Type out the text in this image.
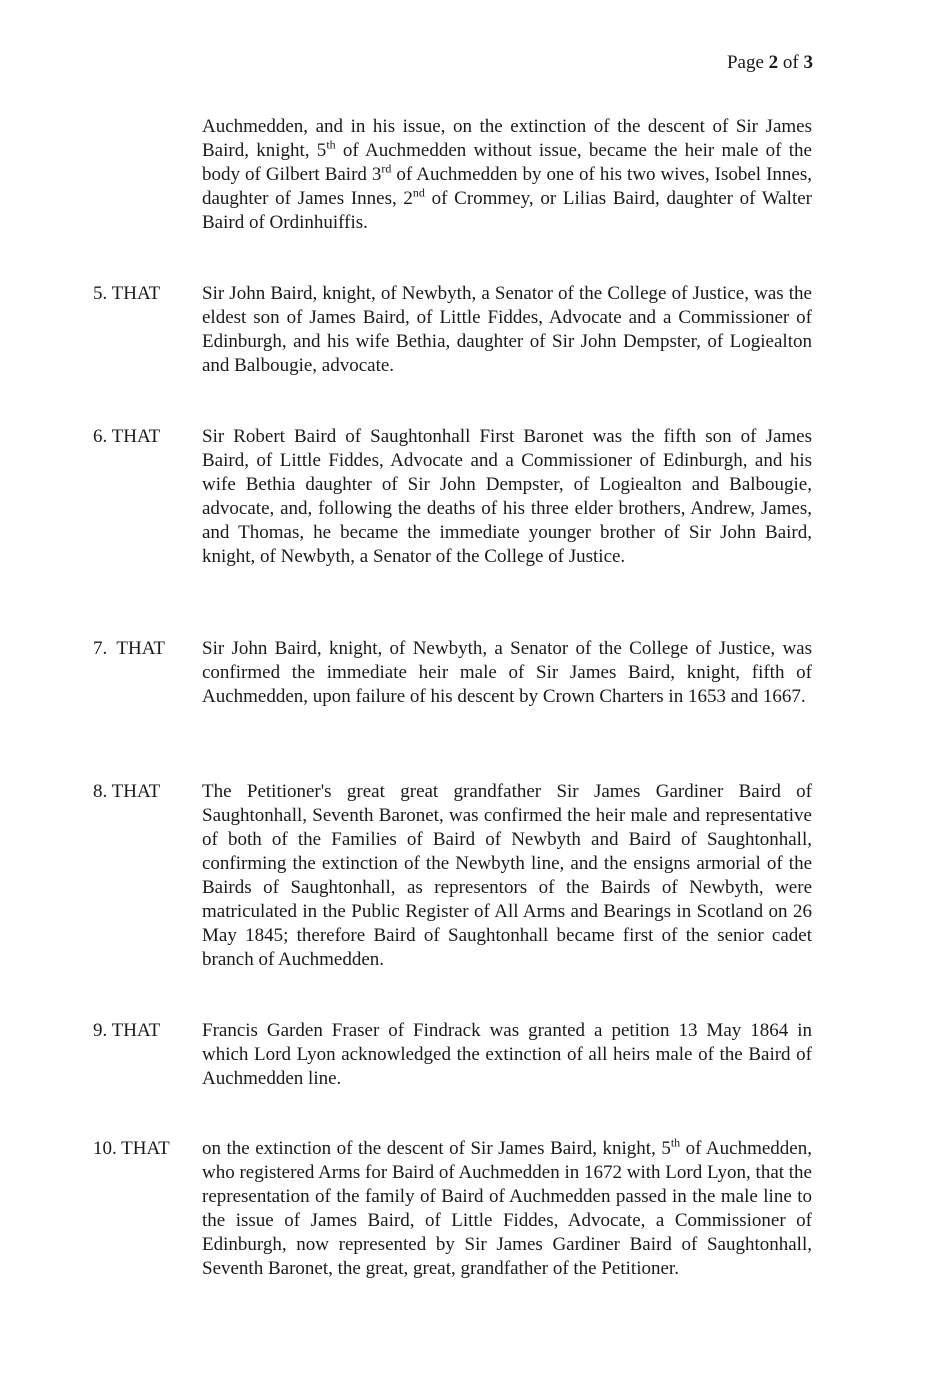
Page 2 of 3

Auchmedden, and in his issue, on the extinction of the descent of Sir James Baird, knight, 5th of Auchmedden without issue, became the heir male of the body of Gilbert Baird 3rd of Auchmedden by one of his two wives, Isobel Innes, daughter of James Innes, 2nd of Crommey, or Lilias Baird, daughter of Walter Baird of Ordinhuiffis.

5. THAT Sir John Baird, knight, of Newbyth, a Senator of the College of Justice, was the eldest son of James Baird, of Little Fiddes, Advocate and a Commissioner of Edinburgh, and his wife Bethia, daughter of Sir John Dempster, of Logiealton and Balbougie, advocate.

6. THAT Sir Robert Baird of Saughtonhall First Baronet was the fifth son of James Baird, of Little Fiddes, Advocate and a Commissioner of Edinburgh, and his wife Bethia daughter of Sir John Dempster, of Logiealton and Balbougie, advocate, and, following the deaths of his three elder brothers, Andrew, James, and Thomas, he became the immediate younger brother of Sir John Baird, knight, of Newbyth, a Senator of the College of Justice.

7.  THAT Sir John Baird, knight, of Newbyth, a Senator of the College of Justice, was confirmed the immediate heir male of Sir James Baird, knight, fifth of Auchmedden, upon failure of his descent by Crown Charters in 1653 and 1667.

8. THAT The Petitioner's great great grandfather Sir James Gardiner Baird of Saughtonhall, Seventh Baronet, was confirmed the heir male and representative of both of the Families of Baird of Newbyth and Baird of Saughtonhall, confirming the extinction of the Newbyth line, and the ensigns armorial of the Bairds of Saughtonhall, as representors of the Bairds of Newbyth, were matriculated in the Public Register of All Arms and Bearings in Scotland on 26 May 1845; therefore Baird of Saughtonhall became first of the senior cadet branch of Auchmedden.

9. THAT Francis Garden Fraser of Findrack was granted a petition 13 May 1864 in which Lord Lyon acknowledged the extinction of all heirs male of the Baird of Auchmedden line.

10. THAT on the extinction of the descent of Sir James Baird, knight, 5th of Auchmedden, who registered Arms for Baird of Auchmedden in 1672 with Lord Lyon, that the representation of the family of Baird of Auchmedden passed in the male line to the issue of James Baird, of Little Fiddes, Advocate, a Commissioner of Edinburgh, now represented by Sir James Gardiner Baird of Saughtonhall, Seventh Baronet, the great, great, grandfather of the Petitioner.
